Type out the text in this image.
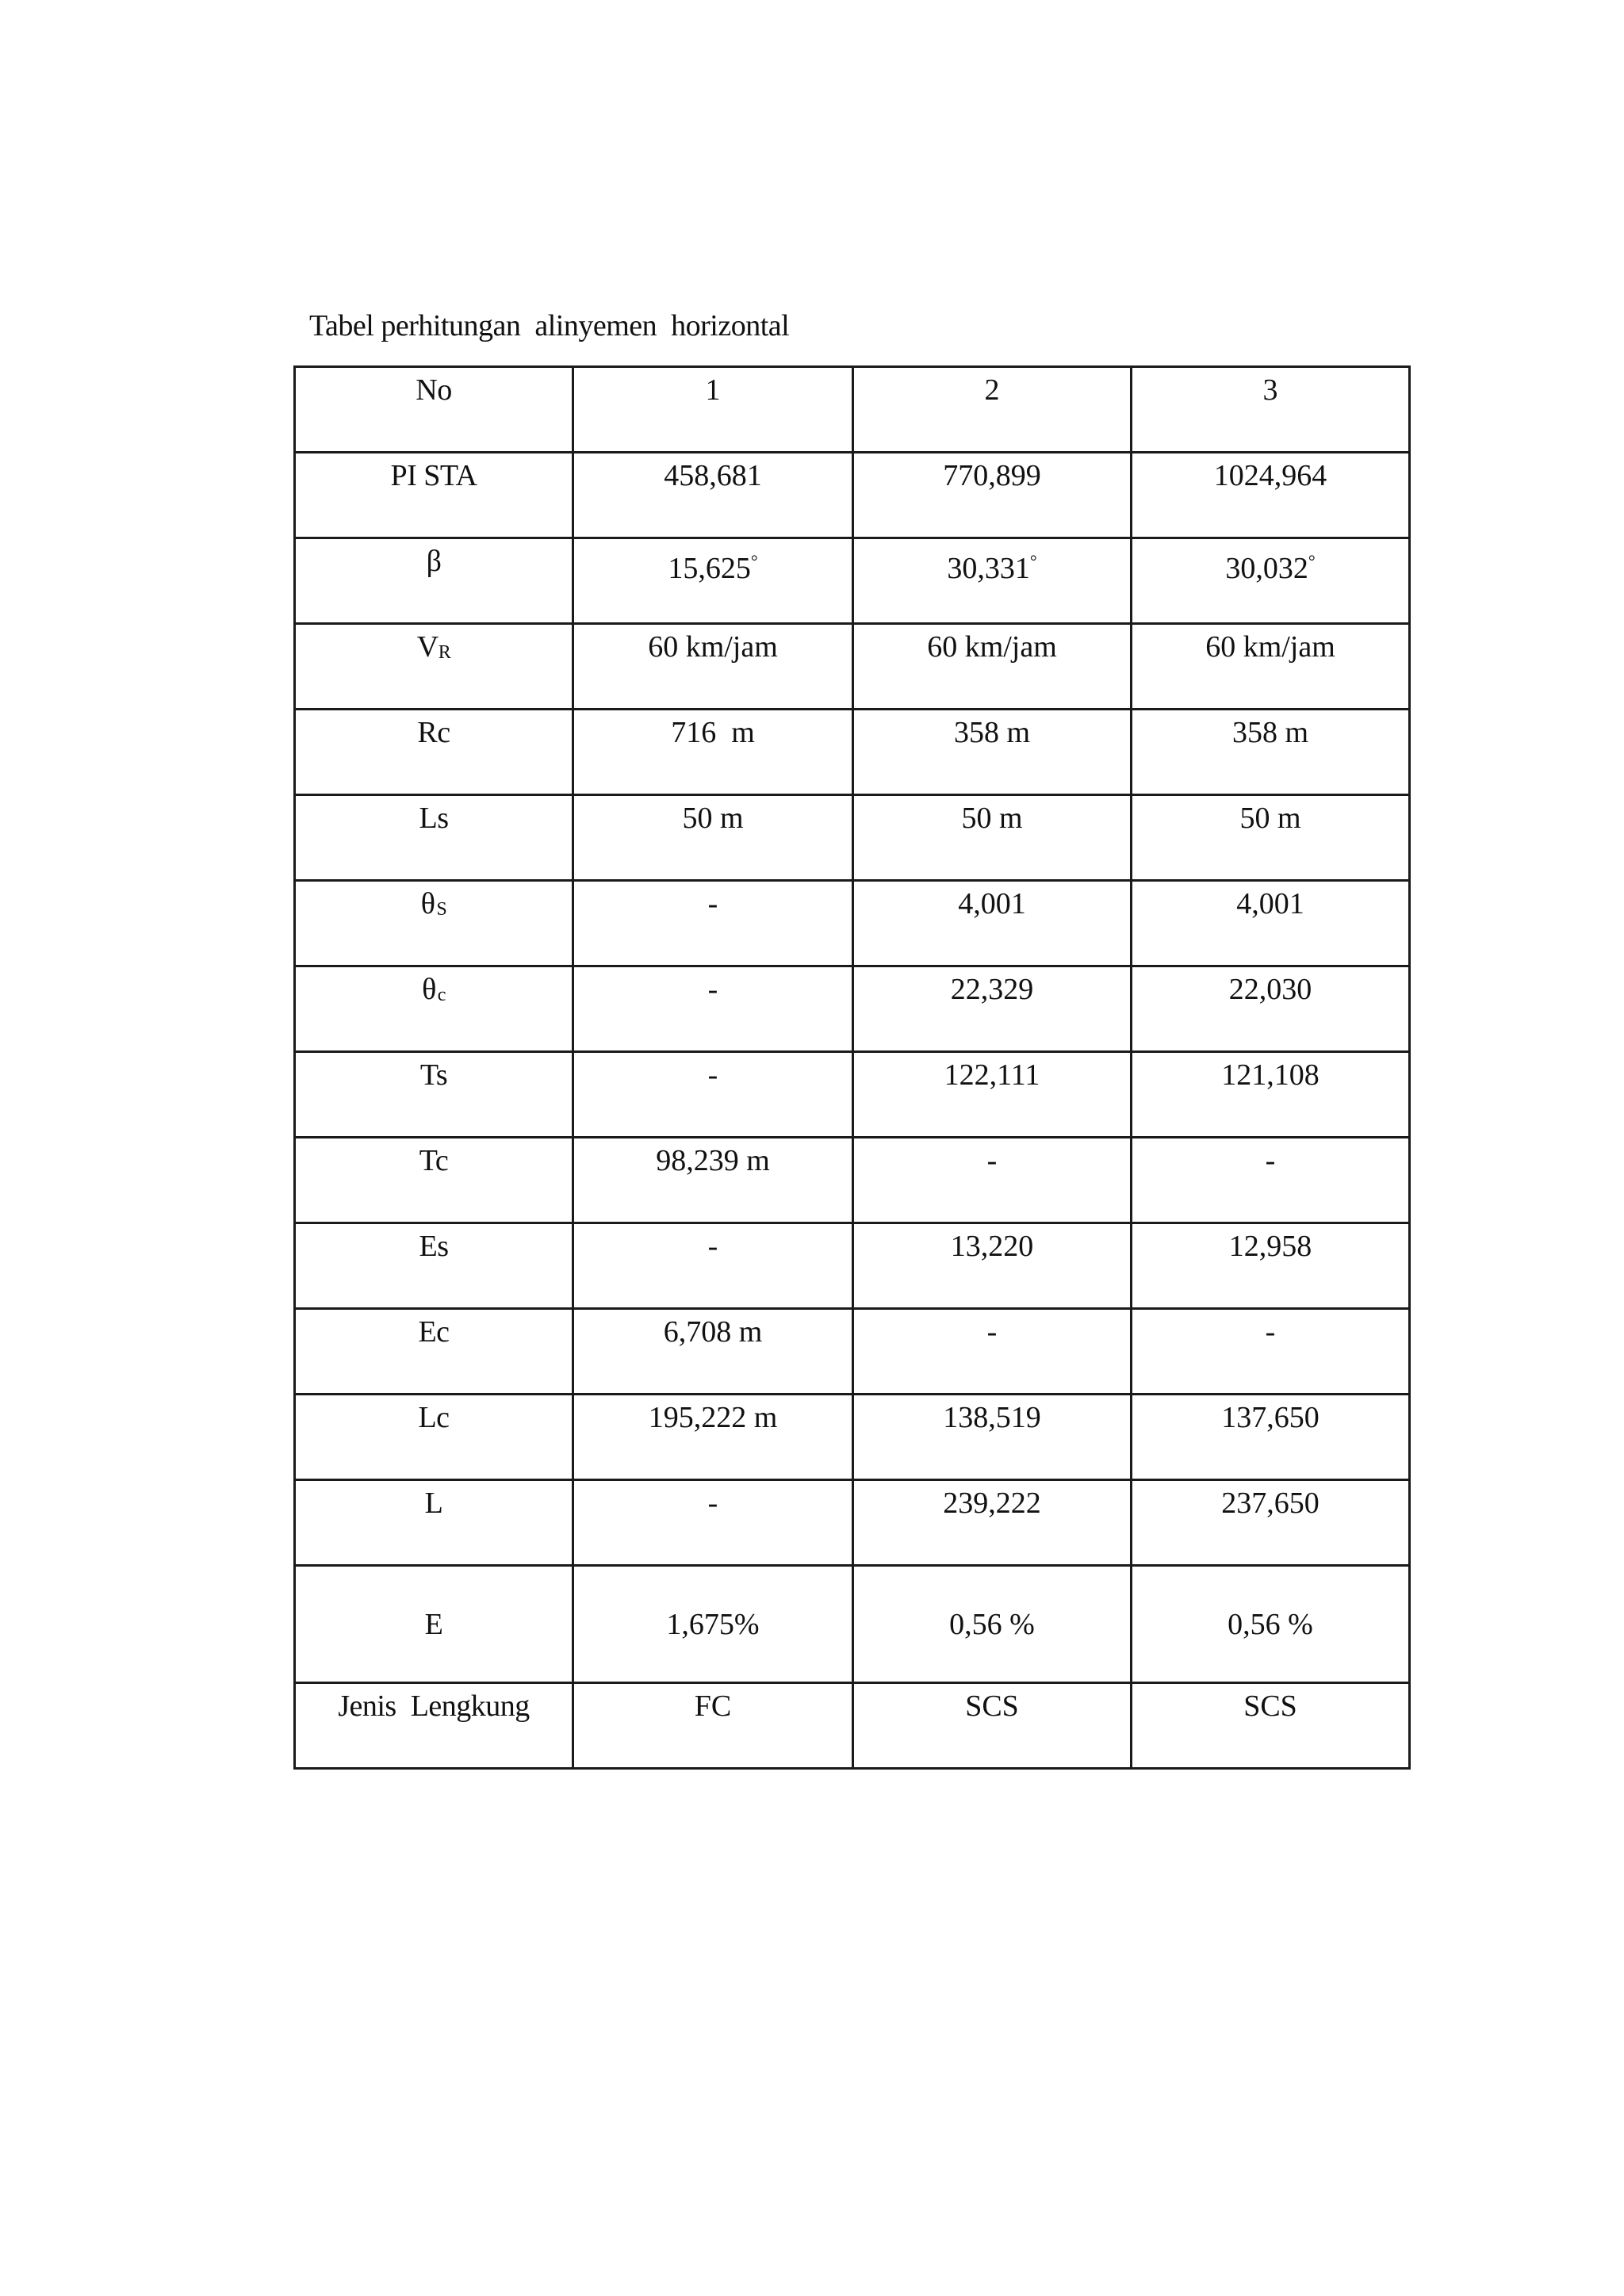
Tabel perhitungan  alinyemen  horizontal
No	1	2	3
PI STA	458,681	770,899	1024,964
β	15,625°	30,331°	30,032°
VR	60 km/jam	60 km/jam	60 km/jam
Rc	716  m	358 m	358 m
Ls	50 m	50 m	50 m
θS	-	4,001	4,001
θc	-	22,329	22,030
Ts	-	122,111	121,108
Tc	98,239 m	-	-
Es	-	13,220	12,958
Ec	6,708 m	-	-
Lc	195,222 m	138,519	137,650
L	-	239,222	237,650
E	1,675%	0,56 %	0,56 %
Jenis  Lengkung	FC	SCS	SCS
